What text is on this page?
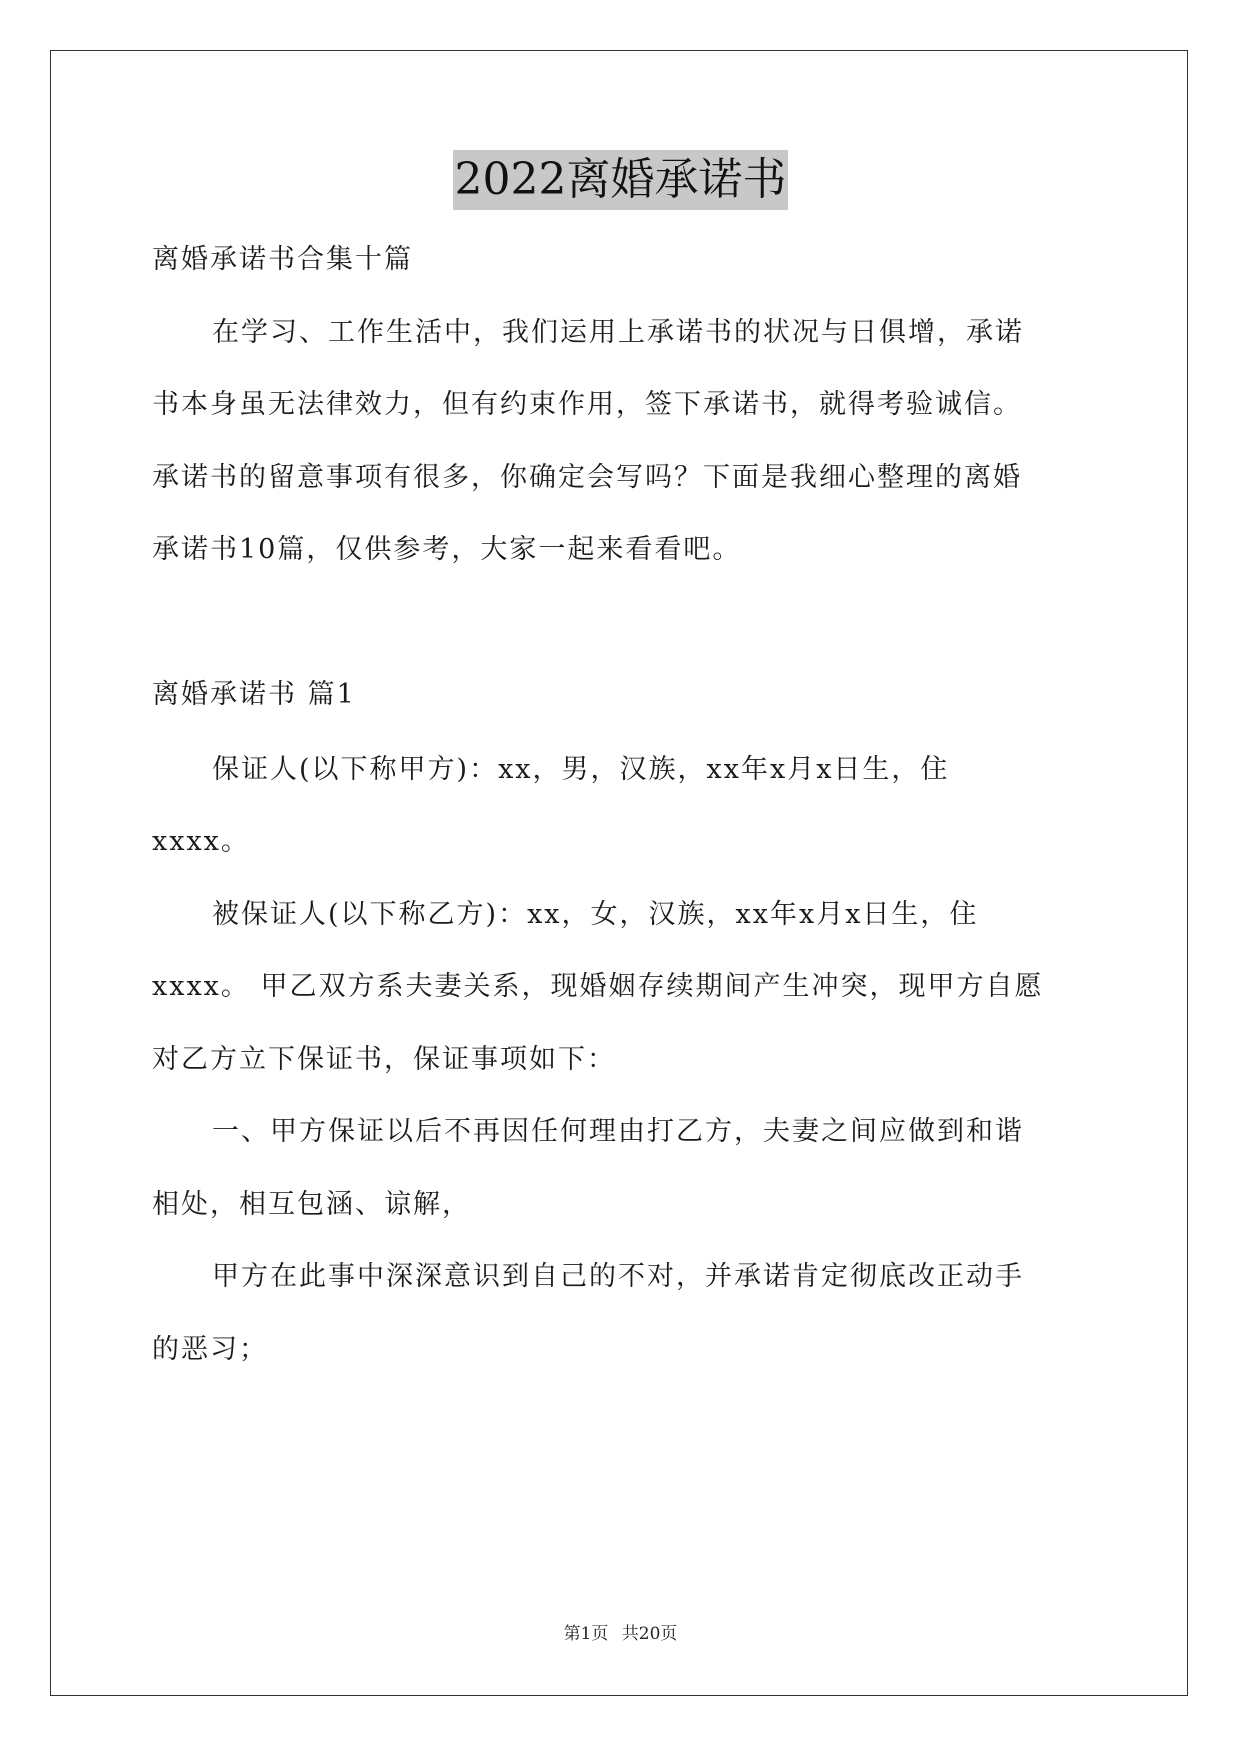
2022离婚承诺书
离婚承诺书合集十篇
在学习、工作生活中，我们运用上承诺书的状况与日俱增，承诺
书本身虽无法律效力，但有约束作用，签下承诺书，就得考验诚信。
承诺书的留意事项有很多，你确定会写吗？下面是我细心整理的离婚
承诺书10篇，仅供参考，大家一起来看看吧。
离婚承诺书 篇1
保证人(以下称甲方)：xx，男，汉族，xx年x月x日生，住
xxxx。
被保证人(以下称乙方)：xx，女，汉族，xx年x月x日生，住
xxxx。 甲乙双方系夫妻关系，现婚姻存续期间产生冲突，现甲方自愿
对乙方立下保证书，保证事项如下：
一、甲方保证以后不再因任何理由打乙方，夫妻之间应做到和谐
相处，相互包涵、谅解，
甲方在此事中深深意识到自己的不对，并承诺肯定彻底改正动手
的恶习；
第1页 共20页
